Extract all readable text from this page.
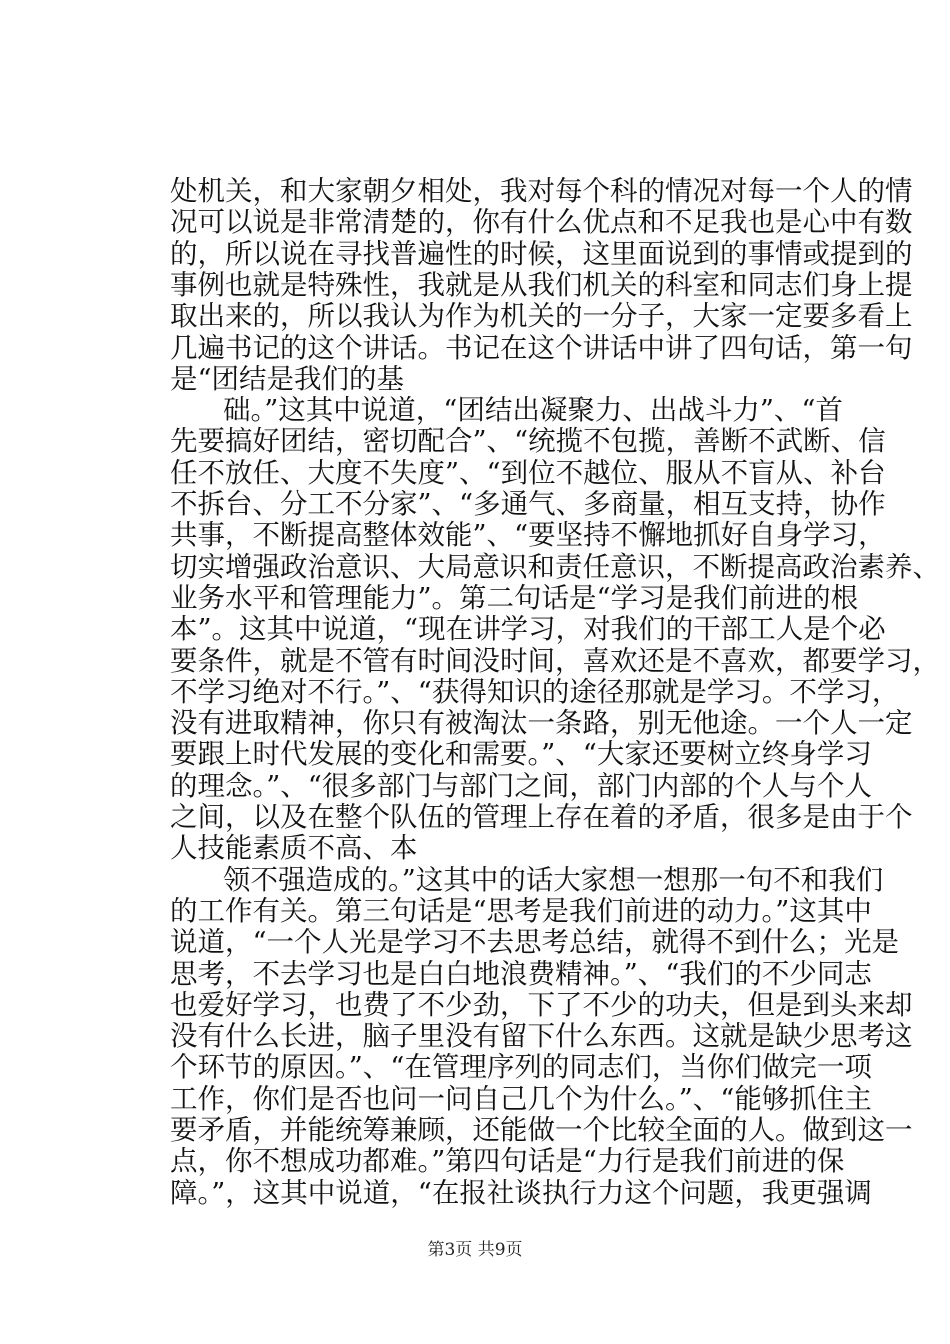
处机关，和大家朝夕相处，我对每个科的情况对每一个人的情
况可以说是非常清楚的，你有什么优点和不足我也是心中有数
的，所以说在寻找普遍性的时候，这里面说到的事情或提到的
事例也就是特殊性，我就是从我们机关的科室和同志们身上提
取出来的，所以我认为作为机关的一分子，大家一定要多看上
几遍书记的这个讲话。书记在这个讲话中讲了四句话，第一句
是“团结是我们的基
础。”这其中说道，“团结出凝聚力、出战斗力”、“首
先要搞好团结，密切配合”、“统揽不包揽，善断不武断、信
任不放任、大度不失度”、“到位不越位、服从不盲从、补台
不拆台、分工不分家”、“多通气、多商量，相互支持，协作
共事，不断提高整体效能”、“要坚持不懈地抓好自身学习，
切实增强政治意识、大局意识和责任意识，不断提高政治素养、
业务水平和管理能力”。第二句话是“学习是我们前进的根
本”。这其中说道，“现在讲学习，对我们的干部工人是个必
要条件，就是不管有时间没时间，喜欢还是不喜欢，都要学习，
不学习绝对不行。”、“获得知识的途径那就是学习。不学习，
没有进取精神，你只有被淘汰一条路，别无他途。一个人一定
要跟上时代发展的变化和需要。”、“大家还要树立终身学习
的理念。”、“很多部门与部门之间，部门内部的个人与个人
之间，以及在整个队伍的管理上存在着的矛盾，很多是由于个
人技能素质不高、本
领不强造成的。”这其中的话大家想一想那一句不和我们
的工作有关。第三句话是“思考是我们前进的动力。”这其中
说道，“一个人光是学习不去思考总结，就得不到什么；光是
思考，不去学习也是白白地浪费精神。”、“我们的不少同志
也爱好学习，也费了不少劲，下了不少的功夫，但是到头来却
没有什么长进，脑子里没有留下什么东西。这就是缺少思考这
个环节的原因。”、“在管理序列的同志们，当你们做完一项
工作，你们是否也问一问自己几个为什么。”、“能够抓住主
要矛盾，并能统筹兼顾，还能做一个比较全面的人。做到这一
点，你不想成功都难。”第四句话是“力行是我们前进的保
障。”，这其中说道，“在报社谈执行力这个问题，我更强调
第3页 共9页
